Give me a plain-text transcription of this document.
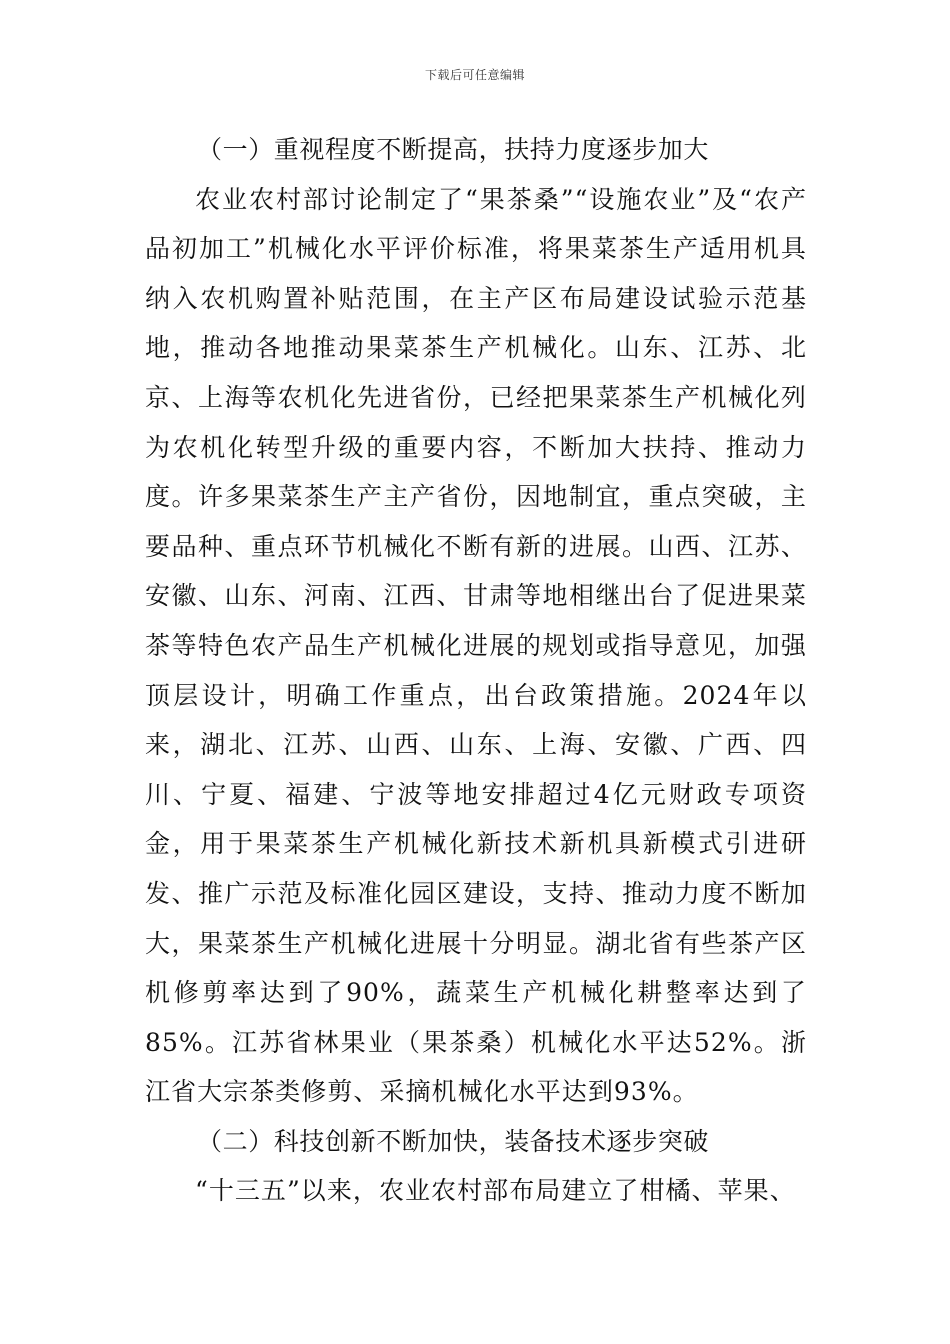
下载后可任意编辑
（一）重视程度不断提高，扶持力度逐步加大

农业农村部讨论制定了“果茶桑”“设施农业”及“农产品初加工”机械化水平评价标准，将果菜茶生产适用机具纳入农机购置补贴范围，在主产区布局建设试验示范基地，推动各地推动果菜茶生产机械化。山东、江苏、北京、上海等农机化先进省份，已经把果菜茶生产机械化列为农机化转型升级的重要内容，不断加大扶持、推动力度。许多果菜茶生产主产省份，因地制宜，重点突破，主要品种、重点环节机械化不断有新的进展。山西、江苏、安徽、山东、河南、江西、甘肃等地相继出台了促进果菜茶等特色农产品生产机械化进展的规划或指导意见，加强顶层设计，明确工作重点，出台政策措施。2024年以来，湖北、江苏、山西、山东、上海、安徽、广西、四川、宁夏、福建、宁波等地安排超过4亿元财政专项资金，用于果菜茶生产机械化新技术新机具新模式引进研发、推广示范及标准化园区建设，支持、推动力度不断加大，果菜茶生产机械化进展十分明显。湖北省有些茶产区机修剪率达到了90%，蔬菜生产机械化耕整率达到了85%。江苏省林果业（果茶桑）机械化水平达52%。浙江省大宗茶类修剪、采摘机械化水平达到93%。

（二）科技创新不断加快，装备技术逐步突破

“十三五”以来，农业农村部布局建立了柑橘、苹果、
